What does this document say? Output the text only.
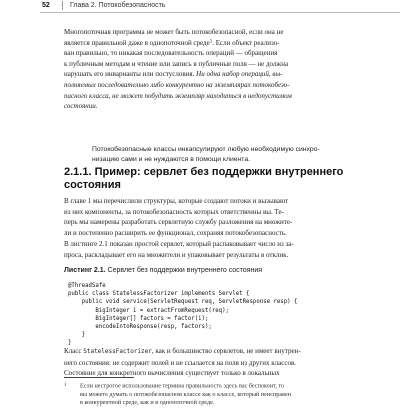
52	Глава 2. Потокобезопасность

Многопоточная программа не может быть потокобезопасной, если она не
является правильной даже в однопоточной среде$^1$. Если объект реализо-
ван правильно, то никакая последовательность операций — обращения
к публичным методам и чтение или запись в публичные поля — не должна
нарушать его инварианты или постусловия. Ни одна набор операций, вы-
полняемых последовательно либо конкурентно на экземплярах потокобезо-
пасного класса, не может побудить экземпляр находиться в недопустимом
состоянии.

Потокобезопасные классы инкапсулируют любую необходимую синхро-
низацию сами и не нуждаются в помощи клиента.

2.1.1. Пример: сервлет без поддержки внутреннего
состояния

В главе 1 мы перечислили структуры, которые создают потоки и вызывают
из них компоненты, за потокобезопасность которых ответственны вы. Те-
перь мы намерены разработать сервлетную службу разложения на множите-
ли и постепенно расширить ее функционал, сохраняя потокобезопасность.

В листинге 2.1 показан простой сервлет, который распаковывает число из за-
проса, раскладывает его на множители и упаковывает результаты в отклик.

Листинг 2.1. Сервлет без поддержки внутреннего состояния

@ThreadSafe
public class StatelessFactorizer implements Servlet {
public void service(ServletRequest req, ServletResponse resp) {
BigInteger i = extractFromRequest(req);
BigInteger[] factors = factor(i);
encodeIntoResponse(resp, factors);
}
}

Класс StatelessFactorizer, как и большинство сервлетов, не имеет внутрен-
него состояния: не содержит полей и не ссылается на поля из других классов.
Состояние для конкретного вычисления существует только в локальных

1 Если нестрогое использование термина правильность здесь вас беспокоит, то
вы можете думать о потокобезопасном классе как о классе, который неисправен
в конкурентной среде, как и в однопоточной среде.
